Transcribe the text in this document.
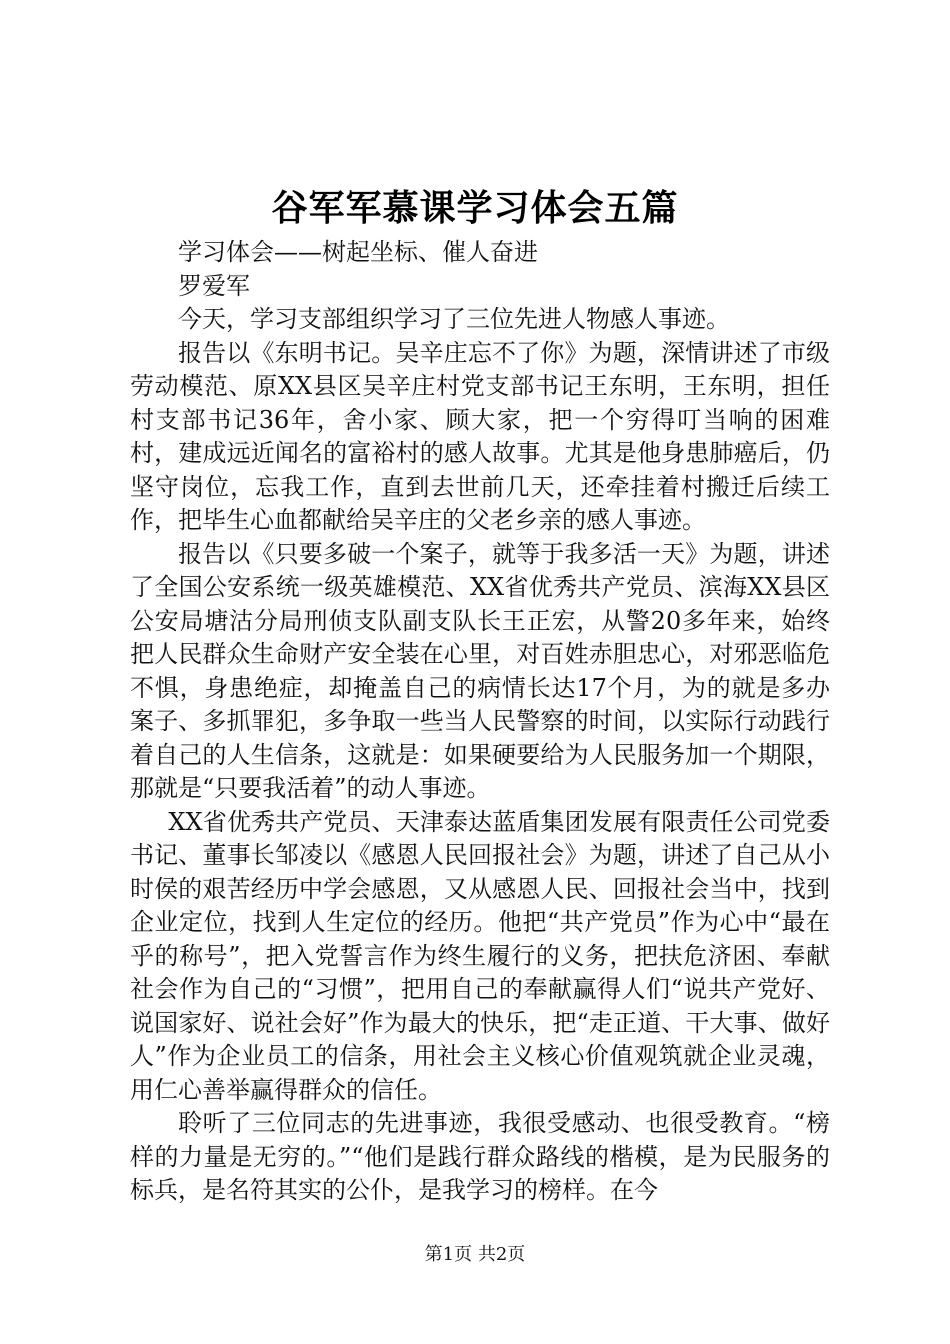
谷军军慕课学习体会五篇

学习体会——树起坐标、催人奋进

罗爱军

今天，学习支部组织学习了三位先进人物感人事迹。

报告以《东明书记。吴辛庄忘不了你》为题，深情讲述了市级劳动模范、原XX县区吴辛庄村党支部书记王东明，王东明，担任村支部书记36年，舍小家、顾大家，把一个穷得叮当响的困难村，建成远近闻名的富裕村的感人故事。尤其是他身患肺癌后，仍坚守岗位，忘我工作，直到去世前几天，还牵挂着村搬迁后续工作，把毕生心血都献给吴辛庄的父老乡亲的感人事迹。

报告以《只要多破一个案子，就等于我多活一天》为题，讲述了全国公安系统一级英雄模范、XX省优秀共产党员、滨海XX县区公安局塘沽分局刑侦支队副支队长王正宏，从警20多年来，始终把人民群众生命财产安全装在心里，对百姓赤胆忠心，对邪恶临危不惧，身患绝症，却掩盖自己的病情长达17个月，为的就是多办案子、多抓罪犯，多争取一些当人民警察的时间，以实际行动践行着自己的人生信条，这就是：如果硬要给为人民服务加一个期限，那就是“只要我活着”的动人事迹。

XX省优秀共产党员、天津泰达蓝盾集团发展有限责任公司党委书记、董事长邹凌以《感恩人民回报社会》为题，讲述了自己从小时侯的艰苦经历中学会感恩，又从感恩人民、回报社会当中，找到企业定位，找到人生定位的经历。他把“共产党员”作为心中“最在乎的称号”，把入党誓言作为终生履行的义务，把扶危济困、奉献社会作为自己的“习惯”，把用自己的奉献赢得人们“说共产党好、说国家好、说社会好”作为最大的快乐，把“走正道、干大事、做好人”作为企业员工的信条，用社会主义核心价值观筑就企业灵魂，用仁心善举赢得群众的信任。

聆听了三位同志的先进事迹，我很受感动、也很受教育。“榜样的力量是无穷的。”“他们是践行群众路线的楷模，是为民服务的标兵，是名符其实的公仆，是我学习的榜样。在今

第1页 共2页
